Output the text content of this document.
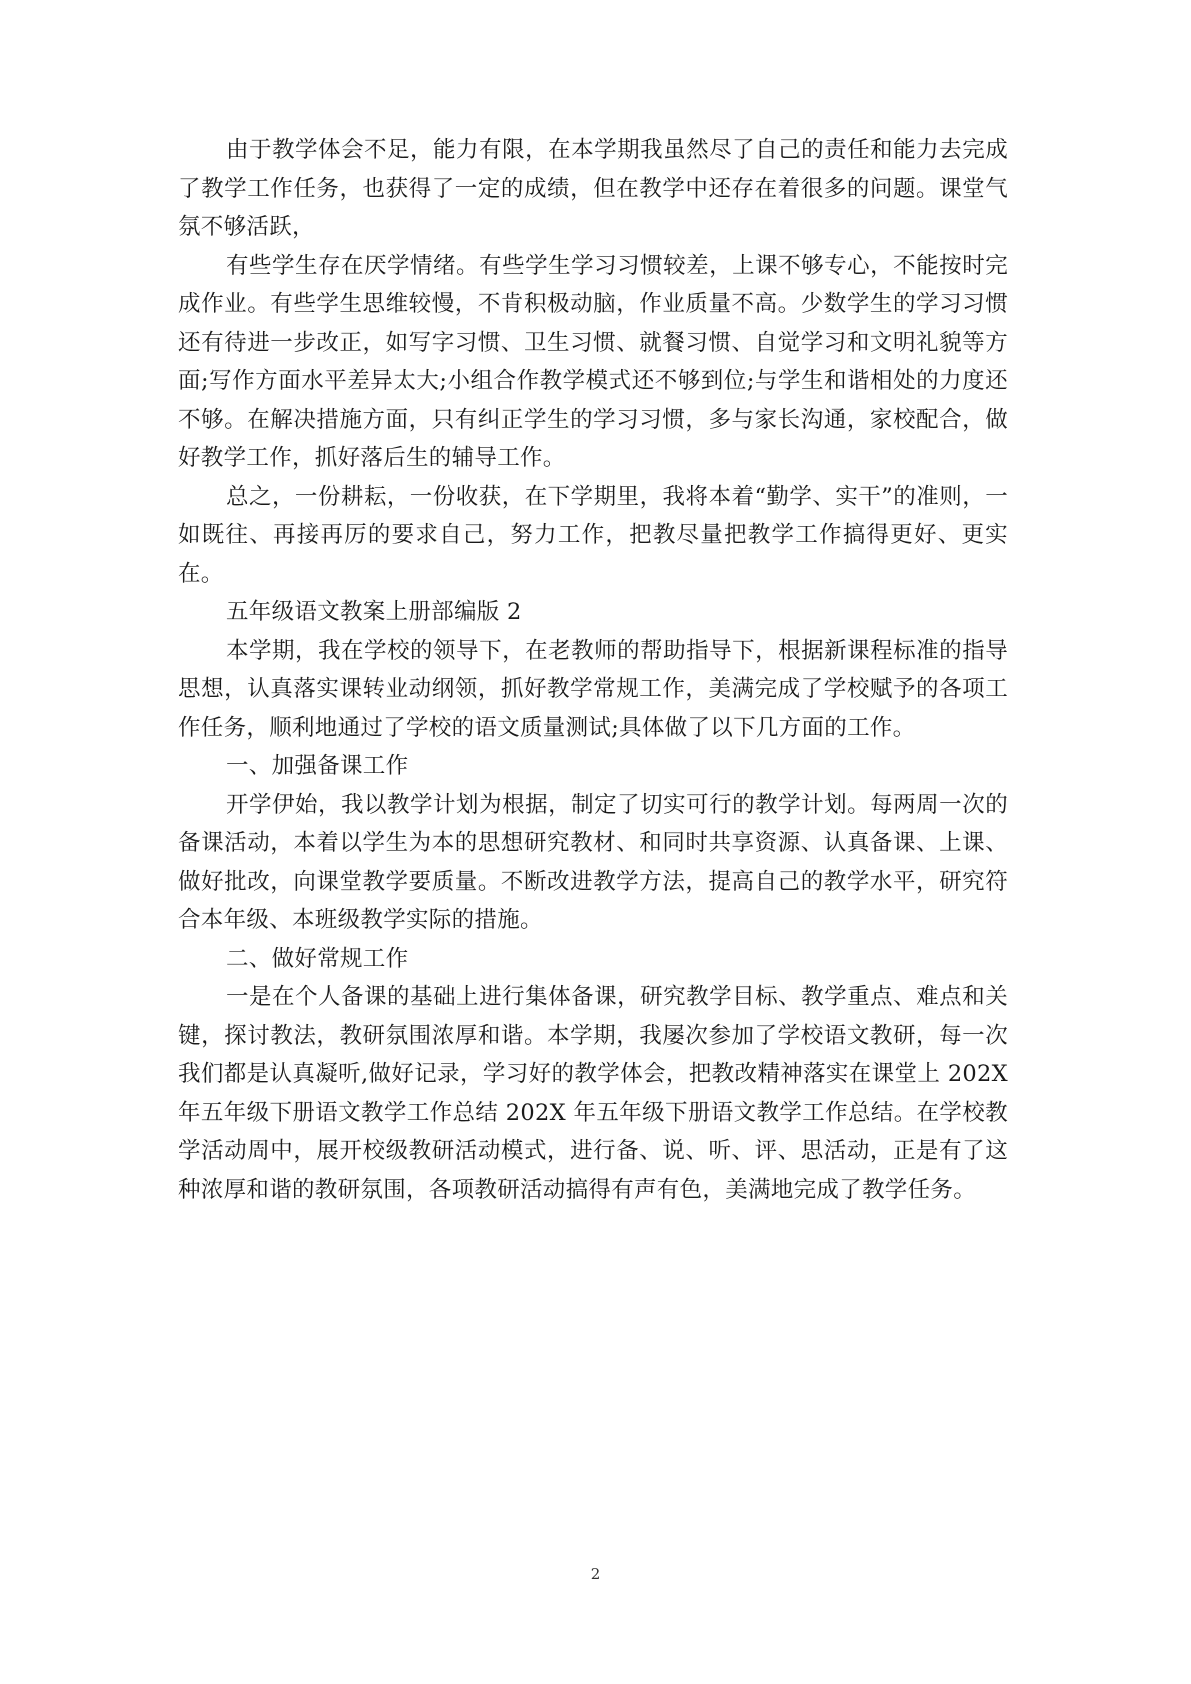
由于教学体会不足，能力有限，在本学期我虽然尽了自己的责任和能力去完成了教学工作任务，也获得了一定的成绩，但在教学中还存在着很多的问题。课堂气氛不够活跃，

有些学生存在厌学情绪。有些学生学习习惯较差，上课不够专心，不能按时完成作业。有些学生思维较慢，不肯积极动脑，作业质量不高。少数学生的学习习惯还有待进一步改正，如写字习惯、卫生习惯、就餐习惯、自觉学习和文明礼貌等方面;写作方面水平差异太大;小组合作教学模式还不够到位;与学生和谐相处的力度还不够。在解决措施方面，只有纠正学生的学习习惯，多与家长沟通，家校配合，做好教学工作，抓好落后生的辅导工作。

总之，一份耕耘，一份收获，在下学期里，我将本着“勤学、实干”的准则，一如既往、再接再厉的要求自己，努力工作，把教尽量把教学工作搞得更好、更实在。

五年级语文教案上册部编版 2

本学期，我在学校的领导下，在老教师的帮助指导下，根据新课程标准的指导思想，认真落实课转业动纲领，抓好教学常规工作，美满完成了学校赋予的各项工作任务，顺利地通过了学校的语文质量测试;具体做了以下几方面的工作。

一、加强备课工作

开学伊始，我以教学计划为根据，制定了切实可行的教学计划。每两周一次的备课活动，本着以学生为本的思想研究教材、和同时共享资源、认真备课、上课、做好批改，向课堂教学要质量。不断改进教学方法，提高自己的教学水平，研究符合本年级、本班级教学实际的措施。

二、做好常规工作

一是在个人备课的基础上进行集体备课，研究教学目标、教学重点、难点和关键，探讨教法，教研氛围浓厚和谐。本学期，我屡次参加了学校语文教研，每一次我们都是认真凝听,做好记录，学习好的教学体会，把教改精神落实在课堂上 202X 年五年级下册语文教学工作总结 202X 年五年级下册语文教学工作总结。在学校教学活动周中，展开校级教研活动模式，进行备、说、听、评、思活动，正是有了这种浓厚和谐的教研氛围，各项教研活动搞得有声有色，美满地完成了教学任务。

2
